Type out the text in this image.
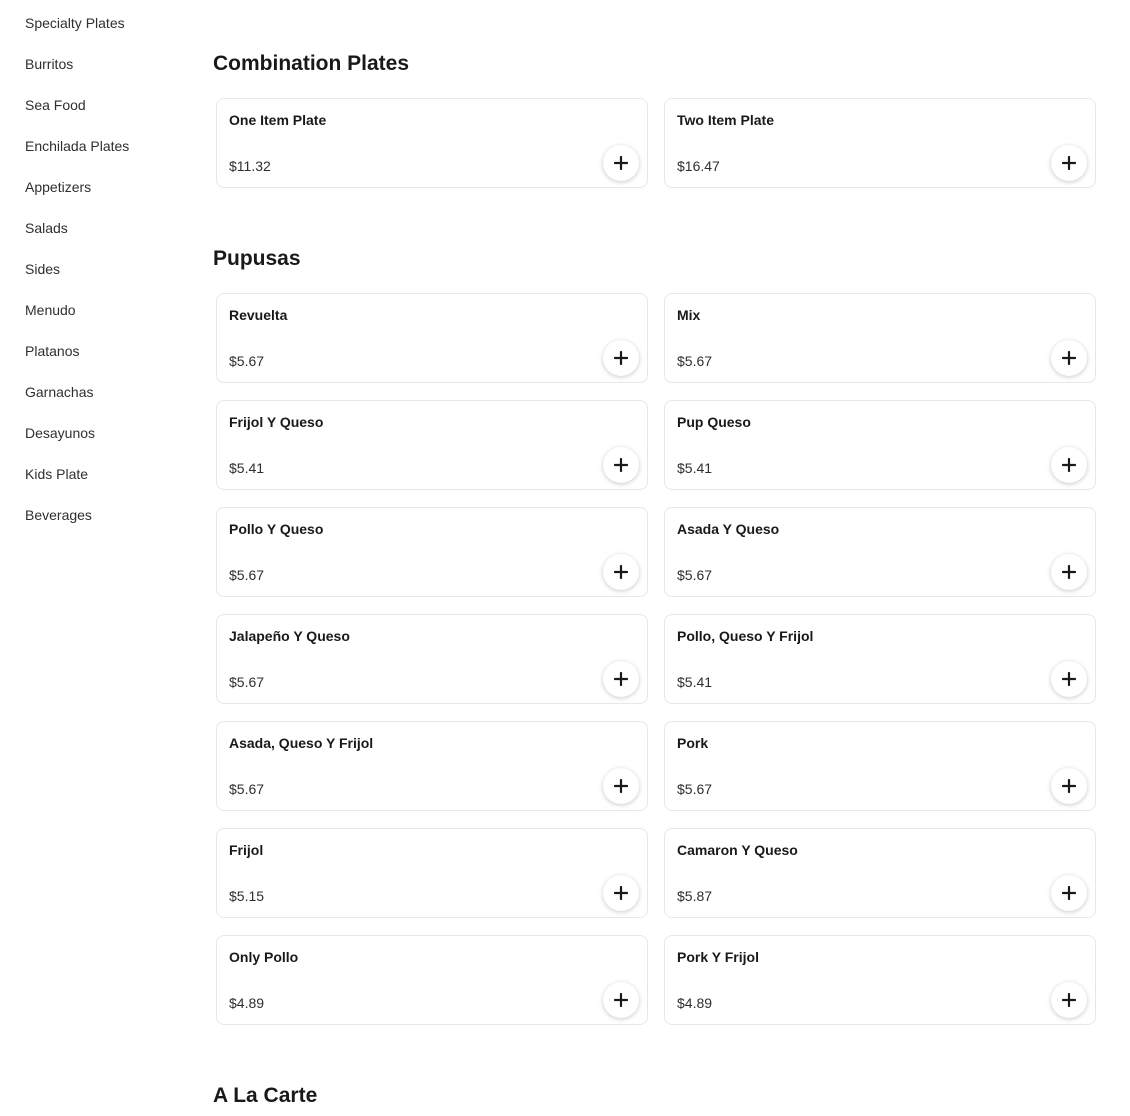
Specialty Plates
Burritos
Sea Food
Enchilada Plates
Appetizers
Salads
Sides
Menudo
Platanos
Garnachas
Desayunos
Kids Plate
Beverages
Combination Plates
One Item Plate
$11.32
Two Item Plate
$16.47
Pupusas
Revuelta
$5.67
Mix
$5.67
Frijol Y Queso
$5.41
Pup Queso
$5.41
Pollo Y Queso
$5.67
Asada Y Queso
$5.67
Jalapeño Y Queso
$5.67
Pollo, Queso Y Frijol
$5.41
Asada, Queso Y Frijol
$5.67
Pork
$5.67
Frijol
$5.15
Camaron Y Queso
$5.87
Only Pollo
$4.89
Pork Y Frijol
$4.89
A La Carte
